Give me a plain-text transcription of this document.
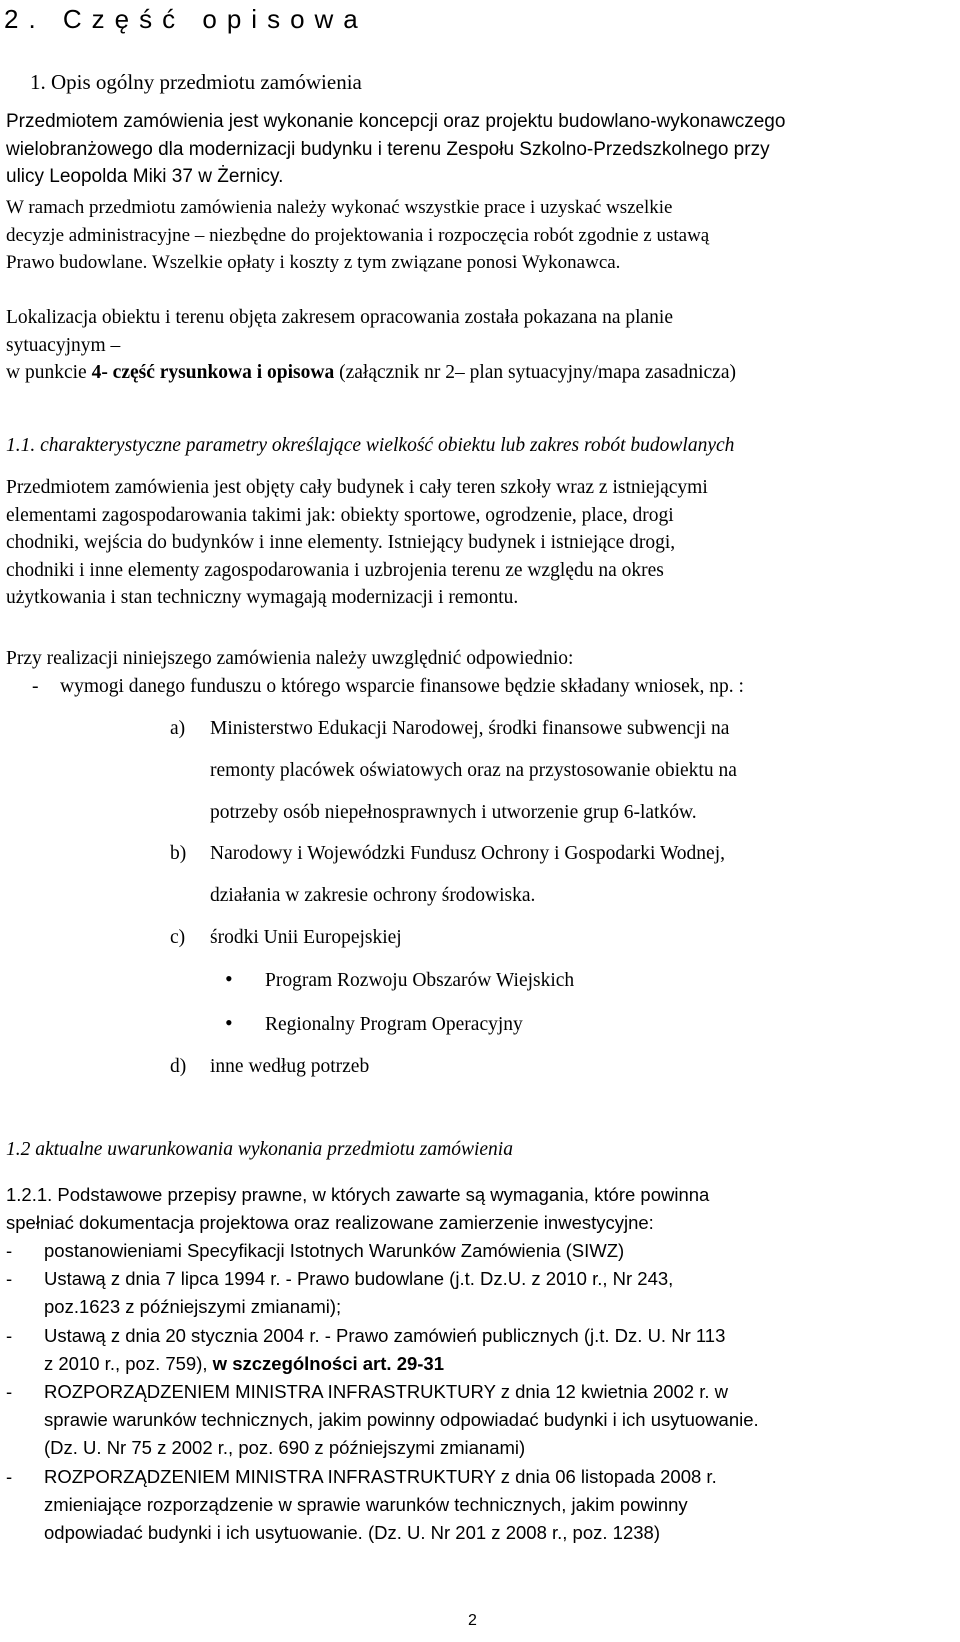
2. Część opisowa
1. Opis ogólny przedmiotu zamówienia
Przedmiotem zamówienia jest wykonanie koncepcji oraz projektu budowlano-wykonawczego
wielobranżowego dla modernizacji budynku i terenu Zespołu Szkolno-Przedszkolnego przy
ulicy Leopolda Miki 37 w Żernicy.
W ramach przedmiotu zamówienia należy wykonać wszystkie prace i uzyskać wszelkie
decyzje administracyjne – niezbędne do projektowania i rozpoczęcia robót zgodnie z ustawą
Prawo budowlane. Wszelkie opłaty i koszty z tym związane ponosi Wykonawca.
Lokalizacja obiektu i terenu objęta zakresem opracowania została pokazana na planie
sytuacyjnym –
w punkcie 4- część rysunkowa i opisowa (załącznik nr 2– plan sytuacyjny/mapa zasadnicza)
1.1. charakterystyczne parametry określające wielkość obiektu lub zakres robót budowlanych
Przedmiotem zamówienia jest objęty cały budynek i cały teren szkoły wraz z istniejącymi
elementami zagospodarowania takimi jak: obiekty sportowe, ogrodzenie, place, drogi
chodniki, wejścia do budynków i inne elementy. Istniejący budynek i istniejące drogi,
chodniki i inne elementy zagospodarowania i uzbrojenia terenu ze względu na okres
użytkowania i stan techniczny wymagają modernizacji i remontu.
Przy realizacji niniejszego zamówienia należy uwzględnić odpowiednio:
- wymogi danego funduszu o którego wsparcie finansowe będzie składany wniosek, np. :
a) Ministerstwo Edukacji Narodowej, środki finansowe subwencji na
remonty placówek oświatowych oraz na przystosowanie obiektu na
potrzeby osób niepełnosprawnych i utworzenie grup 6-latków.
b) Narodowy i Wojewódzki Fundusz Ochrony i Gospodarki Wodnej,
działania w zakresie ochrony środowiska.
c) środki Unii Europejskiej
• Program Rozwoju Obszarów Wiejskich
• Regionalny Program Operacyjny
d) inne według potrzeb
1.2 aktualne uwarunkowania wykonania przedmiotu zamówienia
1.2.1. Podstawowe przepisy prawne, w których zawarte są wymagania, które powinna
spełniać dokumentacja projektowa oraz realizowane zamierzenie inwestycyjne:
- postanowieniami Specyfikacji Istotnych Warunków Zamówienia (SIWZ)
- Ustawą z dnia 7 lipca 1994 r. - Prawo budowlane (j.t. Dz.U. z 2010 r., Nr 243,
poz.1623 z późniejszymi zmianami);
- Ustawą z dnia 20 stycznia 2004 r. - Prawo zamówień publicznych (j.t. Dz. U. Nr 113
z 2010 r., poz. 759), w szczególności art. 29-31
- ROZPORZĄDZENIEM MINISTRA INFRASTRUKTURY z dnia 12 kwietnia 2002 r. w
sprawie warunków technicznych, jakim powinny odpowiadać budynki i ich usytuowanie.
(Dz. U. Nr 75 z 2002 r., poz. 690 z późniejszymi zmianami)
- ROZPORZĄDZENIEM MINISTRA INFRASTRUKTURY z dnia 06 listopada 2008 r.
zmieniające rozporządzenie w sprawie warunków technicznych, jakim powinny
odpowiadać budynki i ich usytuowanie. (Dz. U. Nr 201 z 2008 r., poz. 1238)
2
